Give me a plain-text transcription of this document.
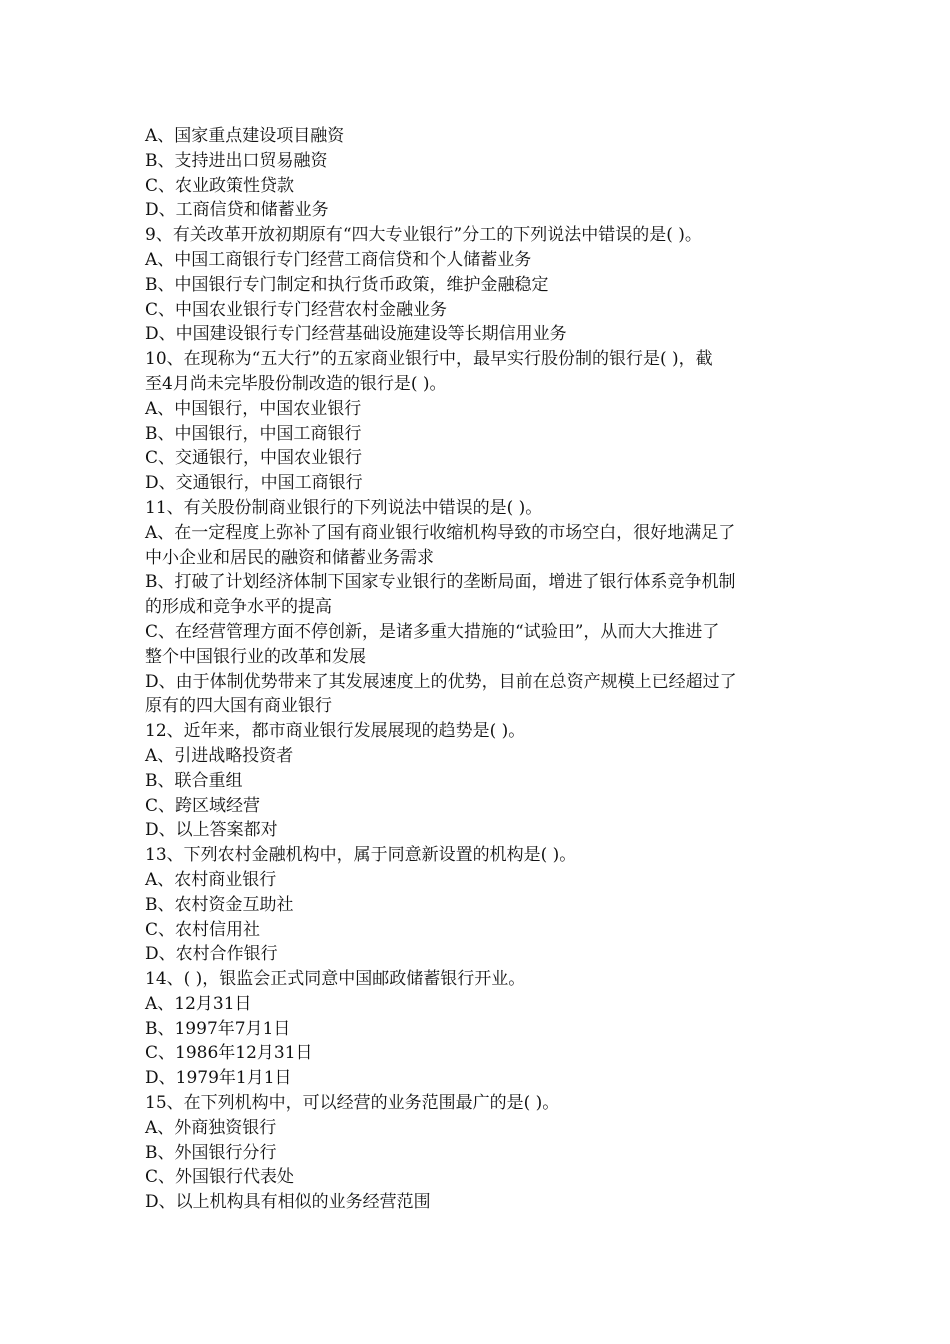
A、国家重点建设项目融资

B、支持进出口贸易融资

C、农业政策性贷款

D、工商信贷和储蓄业务

9、有关改革开放初期原有“四大专业银行”分工的下列说法中错误的是( )。

A、中国工商银行专门经营工商信贷和个人储蓄业务

B、中国银行专门制定和执行货币政策，维护金融稳定

C、中国农业银行专门经营农村金融业务

D、中国建设银行专门经营基础设施建设等长期信用业务

10、在现称为“五大行”的五家商业银行中，最早实行股份制的银行是( )，截

至4月尚未完毕股份制改造的银行是( )。

A、中国银行，中国农业银行

B、中国银行，中国工商银行

C、交通银行，中国农业银行

D、交通银行，中国工商银行

11、有关股份制商业银行的下列说法中错误的是( )。

A、在一定程度上弥补了国有商业银行收缩机构导致的市场空白，很好地满足了

中小企业和居民的融资和储蓄业务需求

B、打破了计划经济体制下国家专业银行的垄断局面，增进了银行体系竞争机制

的形成和竞争水平的提高

C、在经营管理方面不停创新，是诸多重大措施的“试验田”，从而大大推进了

整个中国银行业的改革和发展

D、由于体制优势带来了其发展速度上的优势，目前在总资产规模上已经超过了

原有的四大国有商业银行

12、近年来，都市商业银行发展展现的趋势是( )。

A、引进战略投资者

B、联合重组

C、跨区域经营

D、以上答案都对

13、下列农村金融机构中，属于同意新设置的机构是( )。

A、农村商业银行

B、农村资金互助社

C、农村信用社

D、农村合作银行

14、( )，银监会正式同意中国邮政储蓄银行开业。

A、12月31日

B、1997年7月1日

C、1986年12月31日

D、1979年1月1日

15、在下列机构中，可以经营的业务范围最广的是( )。

A、外商独资银行

B、外国银行分行

C、外国银行代表处

D、以上机构具有相似的业务经营范围
